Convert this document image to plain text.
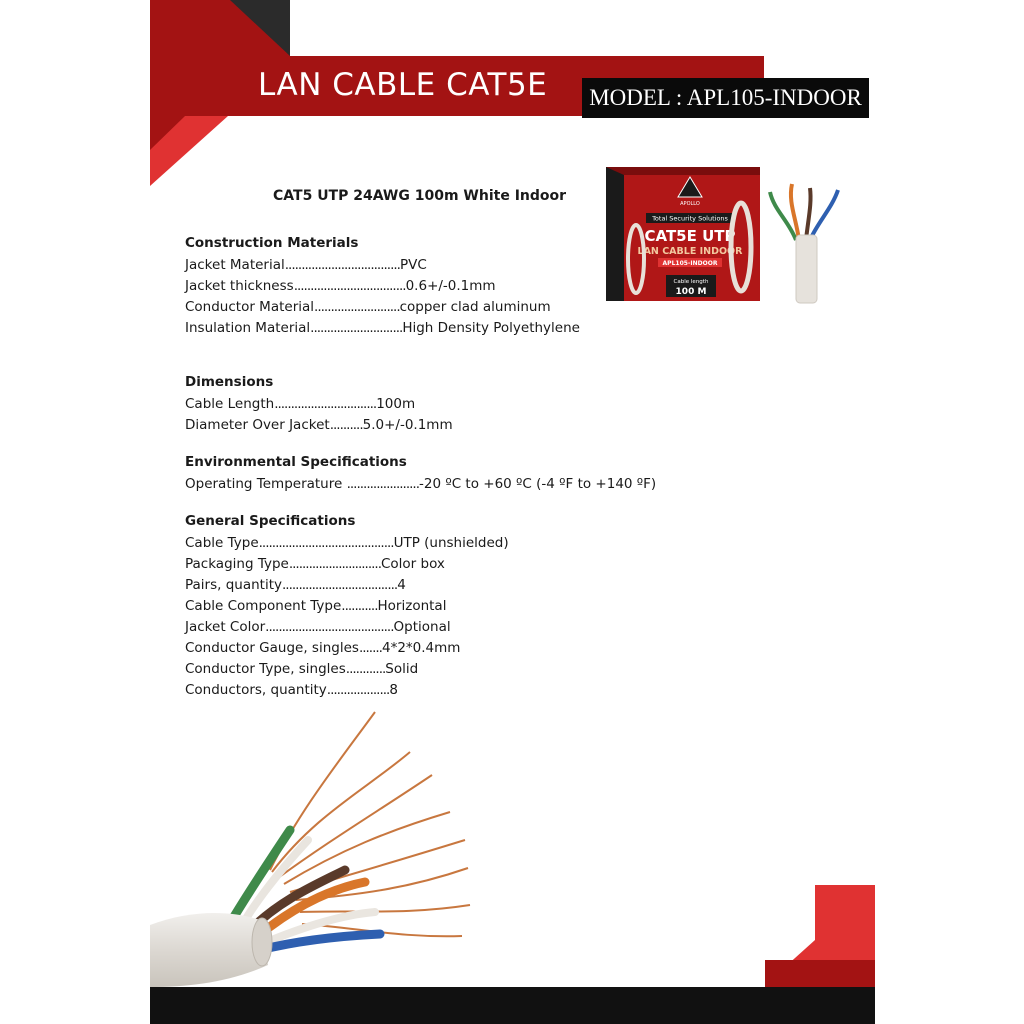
LAN CABLE CAT5E	MODEL : APL105-INDOOR
CAT5 UTP 24AWG 100m White Indoor	APOLLO
Total Security Solutions
CAT5E UTP
LAN CABLE INDOOR
APL105-INDOOR
Cable length
100 M
Construction Materials
Jacket Material...................................PVC
Jacket thickness..................................0.6+/-0.1mm
Conductor Material..........................copper clad aluminum
Insulation Material............................High Density Polyethylene
Dimensions
Cable Length...............................100m
Diameter Over Jacket..........5.0+/-0.1mm
Environmental Specifications
Operating Temperature ......................-20 ºC to +60 ºC (-4 ºF to +140 ºF)
General Specifications
Cable Type.........................................UTP (unshielded)
Packaging Type............................Color box
Pairs, quantity...................................4
Cable Component Type...........Horizontal
Jacket Color.......................................Optional
Conductor Gauge, singles.......4*2*0.4mm
Conductor Type, singles............Solid
Conductors, quantity...................8
